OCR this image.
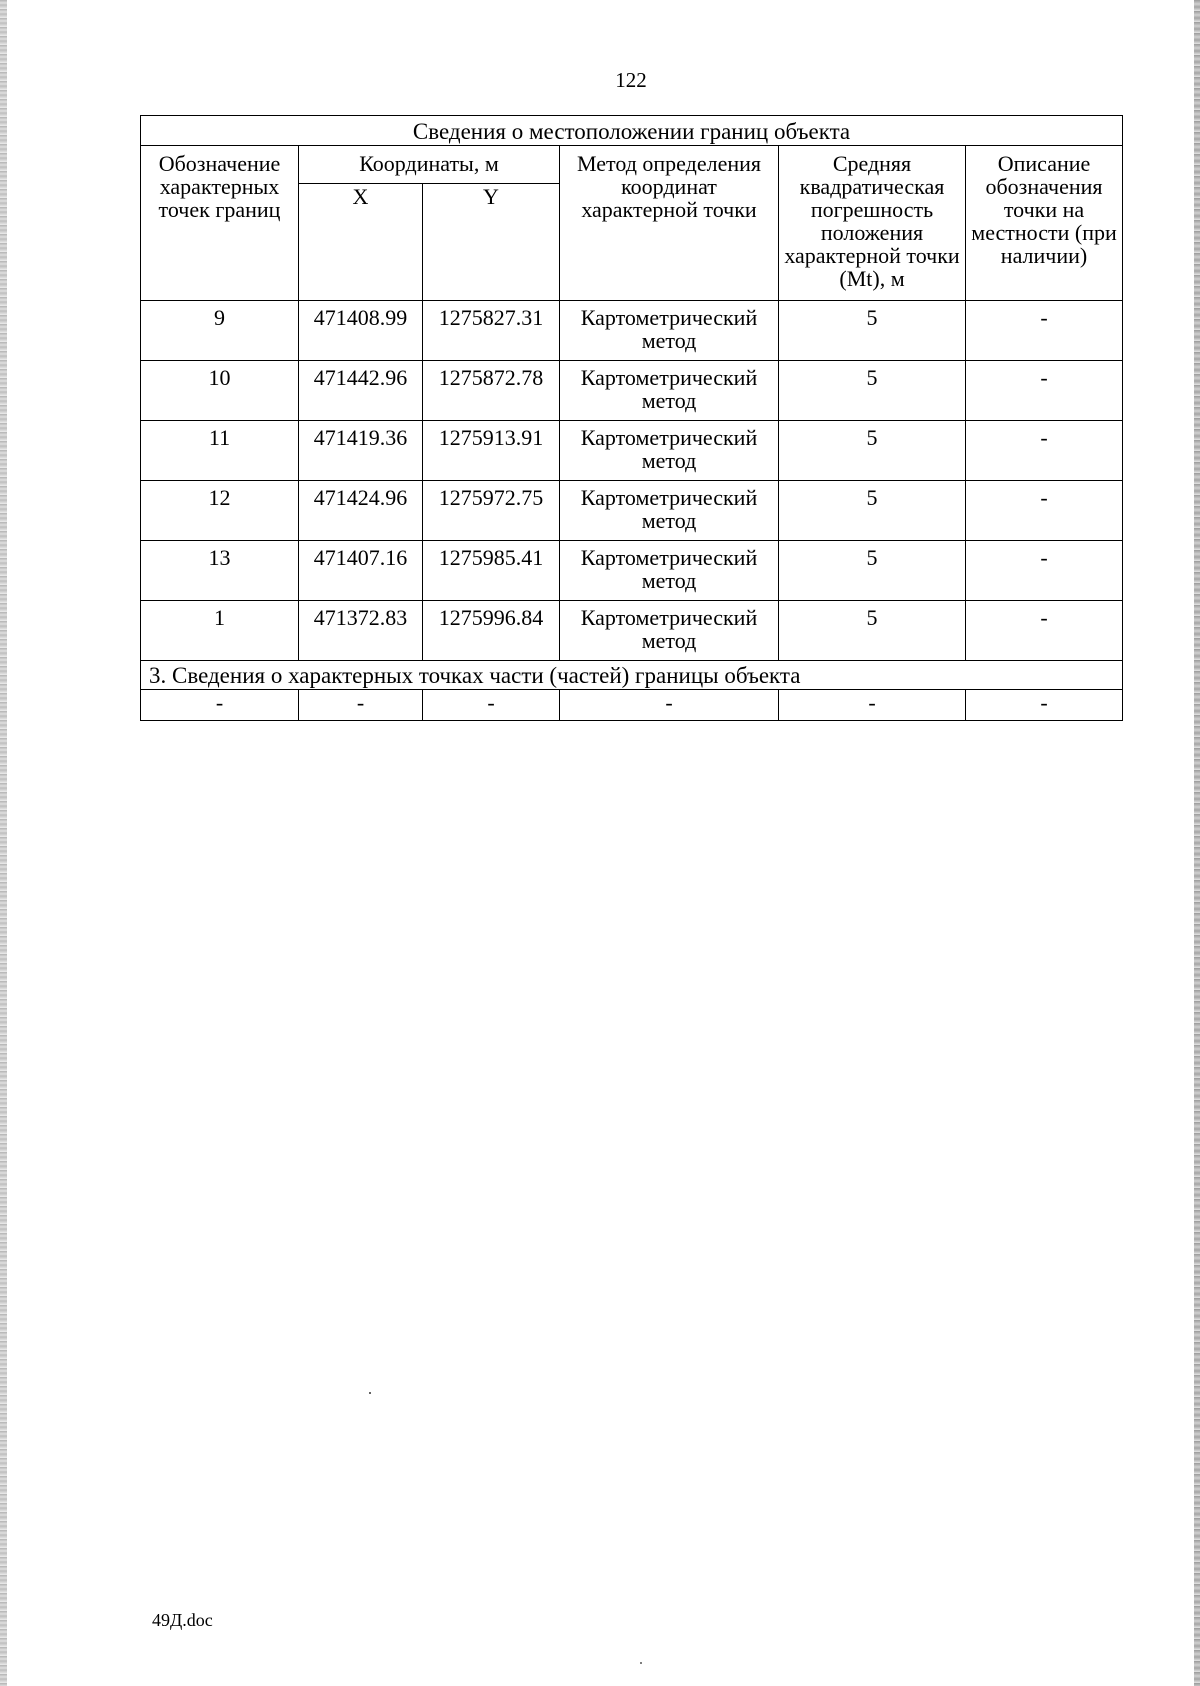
122
Сведения о местоположении границ объекта					
Обозначение характерных точек границ	Координаты, м		Метод определения координат характерной точки	Средняя квадратическая погрешность положения характерной точки (Mt), м	Описание обозначения точки на местности (при наличии)
	X	Y			
9	471408.99	1275827.31	Картометрический метод	5	-
10	471442.96	1275872.78	Картометрический метод	5	-
11	471419.36	1275913.91	Картометрический метод	5	-
12	471424.96	1275972.75	Картометрический метод	5	-
13	471407.16	1275985.41	Картометрический метод	5	-
1	471372.83	1275996.84	Картометрический метод	5	-
3. Сведения о характерных точках части (частей) границы объекта					
-	-	-	-	-	-
49Д.doc
